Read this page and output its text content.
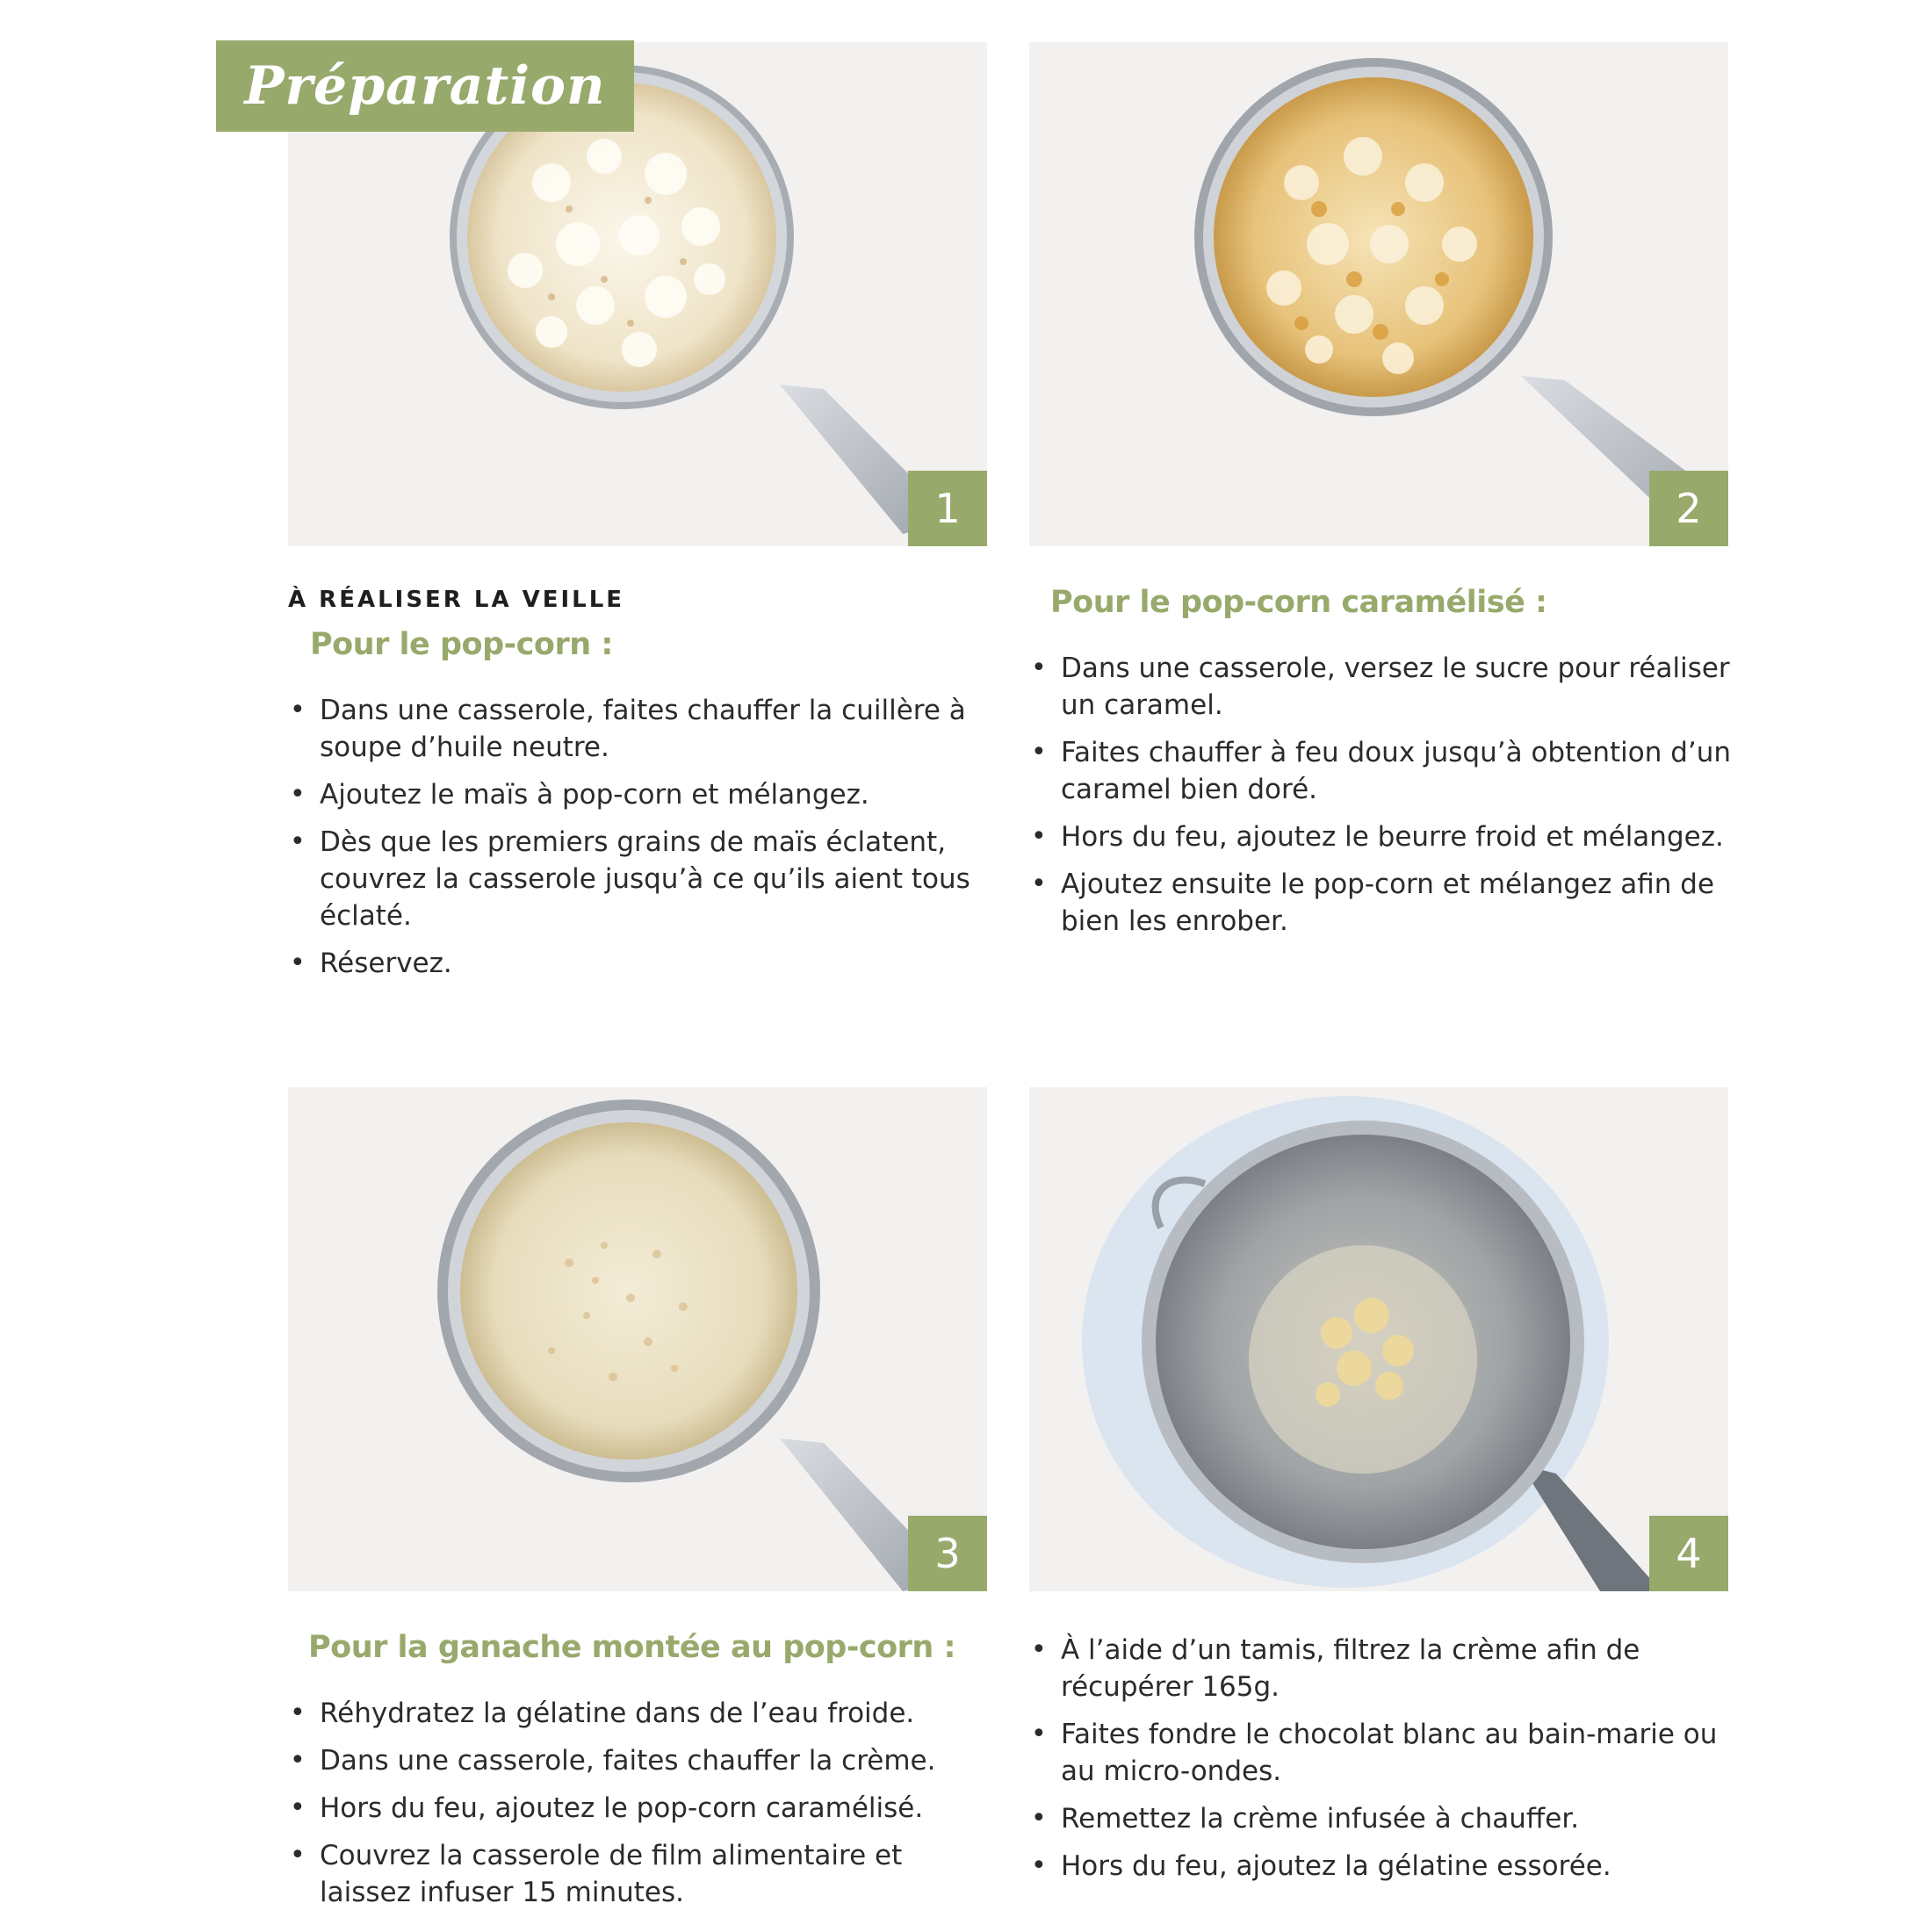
Préparation
1	2
3	4
À RÉALISER LA VEILLE
Pour le pop-corn :
• Dans une casserole, faites chauffer la cuillère à soupe d’huile neutre.
• Ajoutez le maïs à pop-corn et mélangez.
• Dès que les premiers grains de maïs éclatent, couvrez la casserole jusqu’à ce qu’ils aient tous éclaté.
• Réservez.
Pour le pop-corn caramélisé :
• Dans une casserole, versez le sucre pour réaliser un caramel.
• Faites chauffer à feu doux jusqu’à obtention d’un caramel bien doré.
• Hors du feu, ajoutez le beurre froid et mélangez.
• Ajoutez ensuite le pop-corn et mélangez afin de bien les enrober.
Pour la ganache montée au pop-corn :
• Réhydratez la gélatine dans de l’eau froide.
• Dans une casserole, faites chauffer la crème.
• Hors du feu, ajoutez le pop-corn caramélisé.
• Couvrez la casserole de film alimentaire et laissez infuser 15 minutes.
• À l’aide d’un tamis, filtrez la crème afin de récupérer 165g.
• Faites fondre le chocolat blanc au bain-marie ou au micro-ondes.
• Remettez la crème infusée à chauffer.
• Hors du feu, ajoutez la gélatine essorée.
